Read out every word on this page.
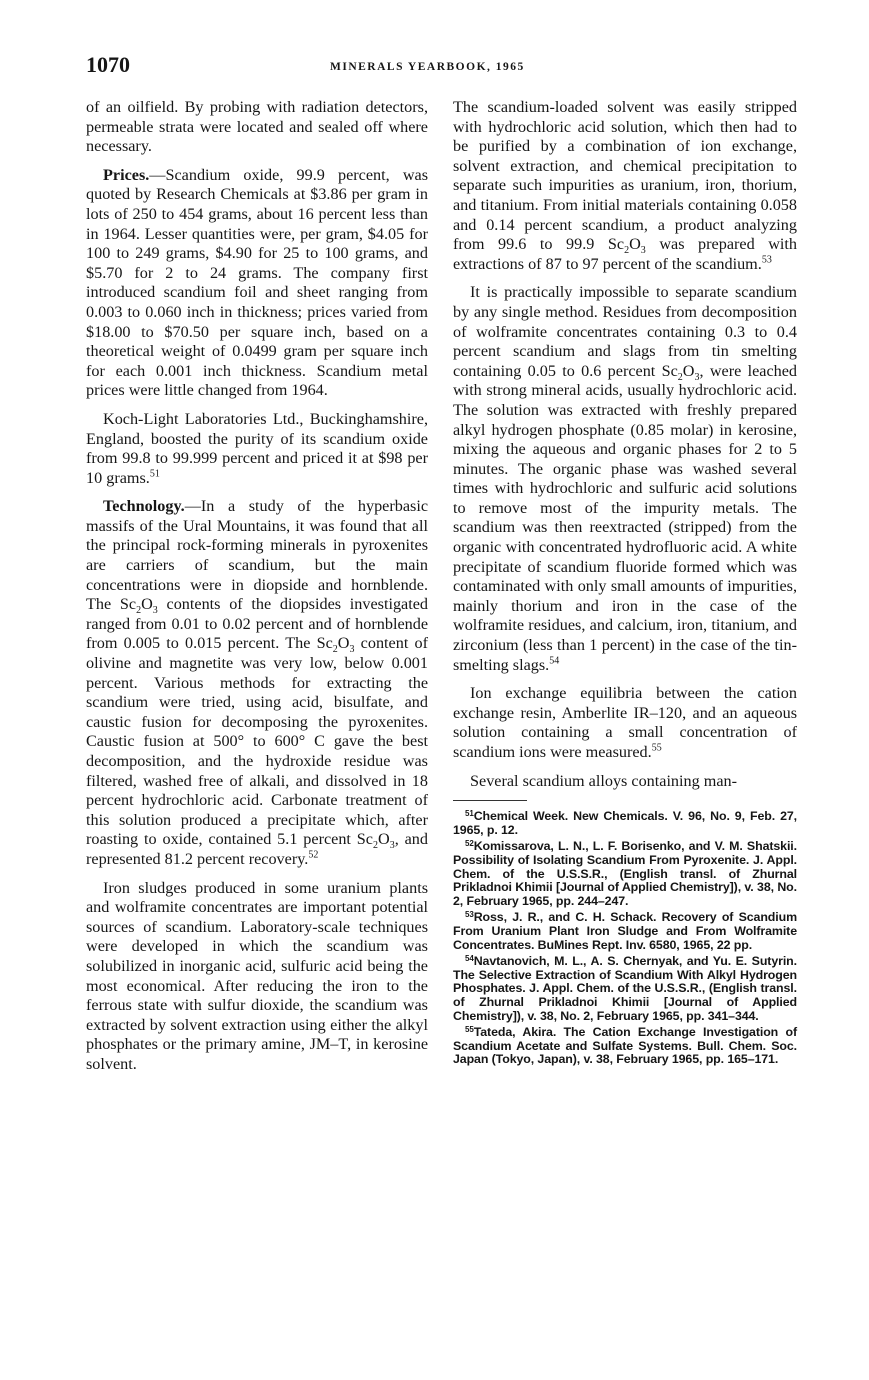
1070	MINERALS YEARBOOK, 1965

of an oilfield. By probing with radiation detectors, permeable strata were located and sealed off where necessary.

Prices.—Scandium oxide, 99.9 percent, was quoted by Research Chemicals at $3.86 per gram in lots of 250 to 454 grams, about 16 percent less than in 1964. Lesser quantities were, per gram, $4.05 for 100 to 249 grams, $4.90 for 25 to 100 grams, and $5.70 for 2 to 24 grams. The company first introduced scandium foil and sheet ranging from 0.003 to 0.060 inch in thickness; prices varied from $18.00 to $70.50 per square inch, based on a theoretical weight of 0.0499 gram per square inch for each 0.001 inch thickness. Scandium metal prices were little changed from 1964.

Koch-Light Laboratories Ltd., Buckinghamshire, England, boosted the purity of its scandium oxide from 99.8 to 99.999 percent and priced it at $98 per 10 grams.$^{51}$

Technology.—In a study of the hyperbasic massifs of the Ural Mountains, it was found that all the principal rock-forming minerals in pyroxenites are carriers of scandium, but the main concentrations were in diopside and hornblende. The $Sc_2O_3$ contents of the diopsides investigated ranged from 0.01 to 0.02 percent and of hornblende from 0.005 to 0.015 percent. The $Sc_2O_3$ content of olivine and magnetite was very low, below 0.001 percent. Various methods for extracting the scandium were tried, using acid, bisulfate, and caustic fusion for decomposing the pyroxenites. Caustic fusion at 500° to 600° C gave the best decomposition, and the hydroxide residue was filtered, washed free of alkali, and dissolved in 18 percent hydrochloric acid. Carbonate treatment of this solution produced a precipitate which, after roasting to oxide, contained 5.1 percent $Sc_2O_3$, and represented 81.2 percent recovery.$^{52}$

Iron sludges produced in some uranium plants and wolframite concentrates are important potential sources of scandium. Laboratory-scale techniques were developed in which the scandium was solubilized in inorganic acid, sulfuric acid being the most economical. After reducing the iron to the ferrous state with sulfur dioxide, the scandium was extracted by solvent extraction using either the alkyl phosphates or the primary amine, JM–T, in kerosine solvent.

The scandium-loaded solvent was easily stripped with hydrochloric acid solution, which then had to be purified by a combination of ion exchange, solvent extraction, and chemical precipitation to separate such impurities as uranium, iron, thorium, and titanium. From initial materials containing 0.058 and 0.14 percent scandium, a product analyzing from 99.6 to 99.9 $Sc_2O_3$ was prepared with extractions of 87 to 97 percent of the scandium.$^{53}$

It is practically impossible to separate scandium by any single method. Residues from decomposition of wolframite concentrates containing 0.3 to 0.4 percent scandium and slags from tin smelting containing 0.05 to 0.6 percent $Sc_2O_3$, were leached with strong mineral acids, usually hydrochloric acid. The solution was extracted with freshly prepared alkyl hydrogen phosphate (0.85 molar) in kerosine, mixing the aqueous and organic phases for 2 to 5 minutes. The organic phase was washed several times with hydrochloric and sulfuric acid solutions to remove most of the impurity metals. The scandium was then reextracted (stripped) from the organic with concentrated hydrofluoric acid. A white precipitate of scandium fluoride formed which was contaminated with only small amounts of impurities, mainly thorium and iron in the case of the wolframite residues, and calcium, iron, titanium, and zirconium (less than 1 percent) in the case of the tin-smelting slags.$^{54}$

Ion exchange equilibria between the cation exchange resin, Amberlite IR–120, and an aqueous solution containing a small concentration of scandium ions were measured.$^{55}$

Several scandium alloys containing man-

$^{51}$Chemical Week. New Chemicals. V. 96, No. 9, Feb. 27, 1965, p. 12.

$^{52}$Komissarova, L. N., L. F. Borisenko, and V. M. Shatskii. Possibility of Isolating Scandium From Pyroxenite. J. Appl. Chem. of the U.S.S.R., (English transl. of Zhurnal Prikladnoi Khimii [Journal of Applied Chemistry]), v. 38, No. 2, February 1965, pp. 244–247.

$^{53}$Ross, J. R., and C. H. Schack. Recovery of Scandium From Uranium Plant Iron Sludge and From Wolframite Concentrates. BuMines Rept. Inv. 6580, 1965, 22 pp.

$^{54}$Navtanovich, M. L., A. S. Chernyak, and Yu. E. Sutyrin. The Selective Extraction of Scandium With Alkyl Hydrogen Phosphates. J. Appl. Chem. of the U.S.S.R., (English transl. of Zhurnal Prikladnoi Khimii [Journal of Applied Chemistry]), v. 38, No. 2, February 1965, pp. 341–344.

$^{55}$Tateda, Akira. The Cation Exchange Investigation of Scandium Acetate and Sulfate Systems. Bull. Chem. Soc. Japan (Tokyo, Japan), v. 38, February 1965, pp. 165–171.
